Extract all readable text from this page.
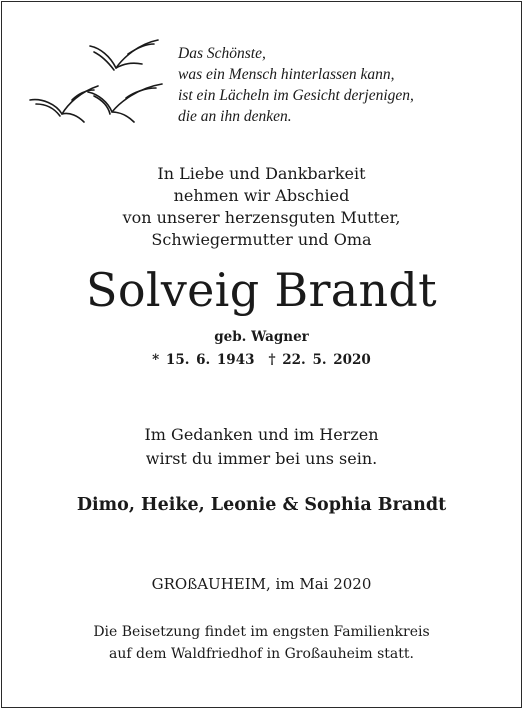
Das Schönste,
was ein Mensch hinterlassen kann,
ist ein Lächeln im Gesicht derjenigen,
die an ihn denken.
In Liebe und Dankbarkeit
nehmen wir Abschied
von unserer herzensguten Mutter,
Schwiegermutter und Oma
Solveig Brandt
geb. Wagner
* 15. 6. 1943 † 22. 5. 2020
Im Gedanken und im Herzen
wirst du immer bei uns sein.
Dimo, Heike, Leonie & Sophia Brandt
GROßAUHEIM, im Mai 2020
Die Beisetzung findet im engsten Familienkreis
auf dem Waldfriedhof in Großauheim statt.
